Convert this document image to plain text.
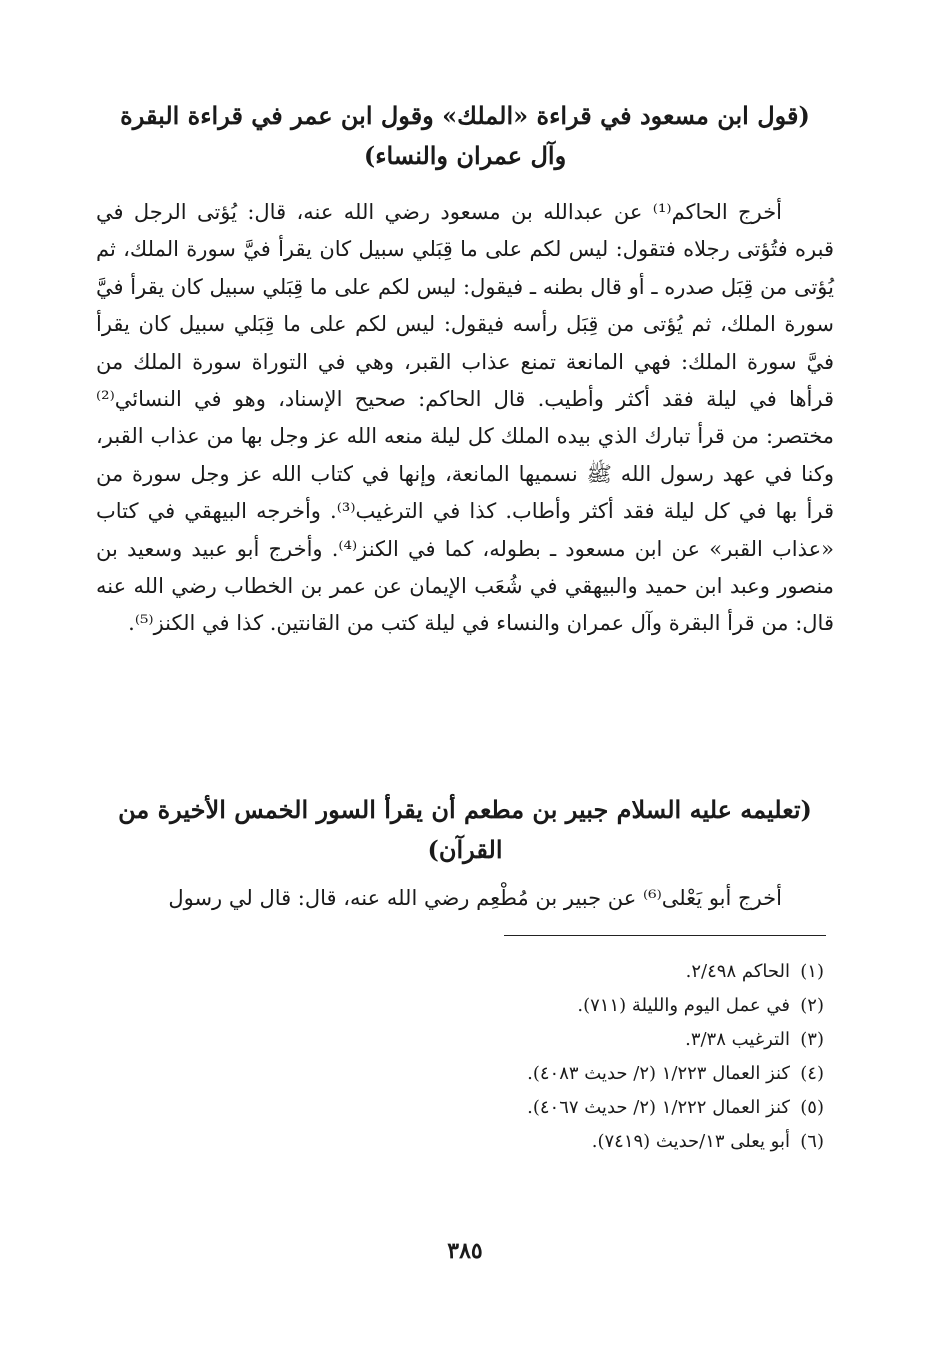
(قول ابن مسعود في قراءة «الملك» وقول ابن عمر في قراءة البقرة وآل عمران والنساء)

أخرج الحاكم⁽¹⁾ عن عبدالله بن مسعود رضي الله عنه، قال: يُؤتى الرجل في قبره فتُؤتى رجلاه فتقول: ليس لكم على ما قِبَلي سبيل كان يقرأ فيَّ سورة الملك، ثم يُؤتى من قِبَل صدره ـ أو قال بطنه ـ فيقول: ليس لكم على ما قِبَلي سبيل كان يقرأ فيَّ سورة الملك، ثم يُؤتى من قِبَل رأسه فيقول: ليس لكم على ما قِبَلي سبيل كان يقرأ فيَّ سورة الملك: فهي المانعة تمنع عذاب القبر، وهي في التوراة سورة الملك من قرأها في ليلة فقد أكثر وأطيب. قال الحاكم: صحيح الإسناد، وهو في النسائي⁽²⁾ مختصر: من قرأ تبارك الذي بيده الملك كل ليلة منعه الله عز وجل بها من عذاب القبر، وكنا في عهد رسول الله ﷺ نسميها المانعة، وإنها في كتاب الله عز وجل سورة من قرأ بها في كل ليلة فقد أكثر وأطاب. كذا في الترغيب⁽³⁾. وأخرجه البيهقي في كتاب «عذاب القبر» عن ابن مسعود ـ بطوله، كما في الكنز⁽⁴⁾. وأخرج أبو عبيد وسعيد بن منصور وعبد ابن حميد والبيهقي في شُعَب الإيمان عن عمر بن الخطاب رضي الله عنه قال: من قرأ البقرة وآل عمران والنساء في ليلة كتب من القانتين. كذا في الكنز⁽⁵⁾.

(تعليمه عليه السلام جبير بن مطعم أن يقرأ السور الخمس الأخيرة من القرآن)
أخرج أبو يَعْلى⁽⁶⁾ عن جبير بن مُطْعِم رضي الله عنه، قال: قال لي رسول
(١)الحاكم ٢/٤٩٨.
(٢)في عمل اليوم والليلة (٧١١).
(٣)الترغيب ٣/٣٨.
(٤)كنز العمال ١/٢٢٣ (٢/ حديث ٤٠٨٣).
(٥)كنز العمال ١/٢٢٢ (٢/ حديث ٤٠٦٧).
(٦)أبو يعلى ١٣/حديث (٧٤١٩).
٣٨٥
